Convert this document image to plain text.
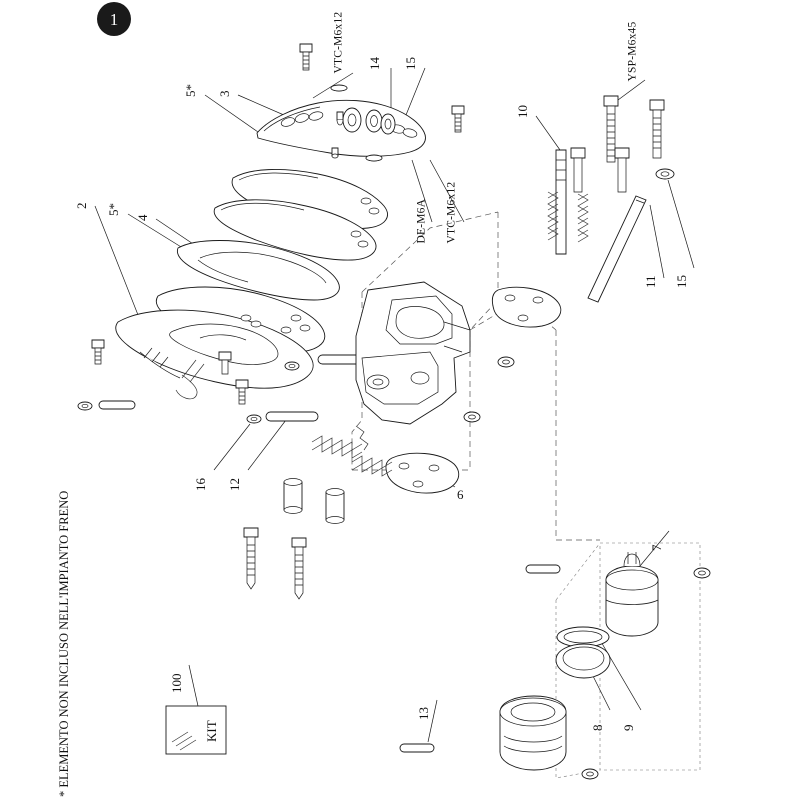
KIT
1
2
3
4
5*
5*
6
7
8 9
10
11
12
13
14 15
15
16
VTC-M6x12	YSP-M6x45
DE-M6A VTC-M6x12
100
* ELEMENTO NON INCLUSO NELL'IMPIANTO FRENO
